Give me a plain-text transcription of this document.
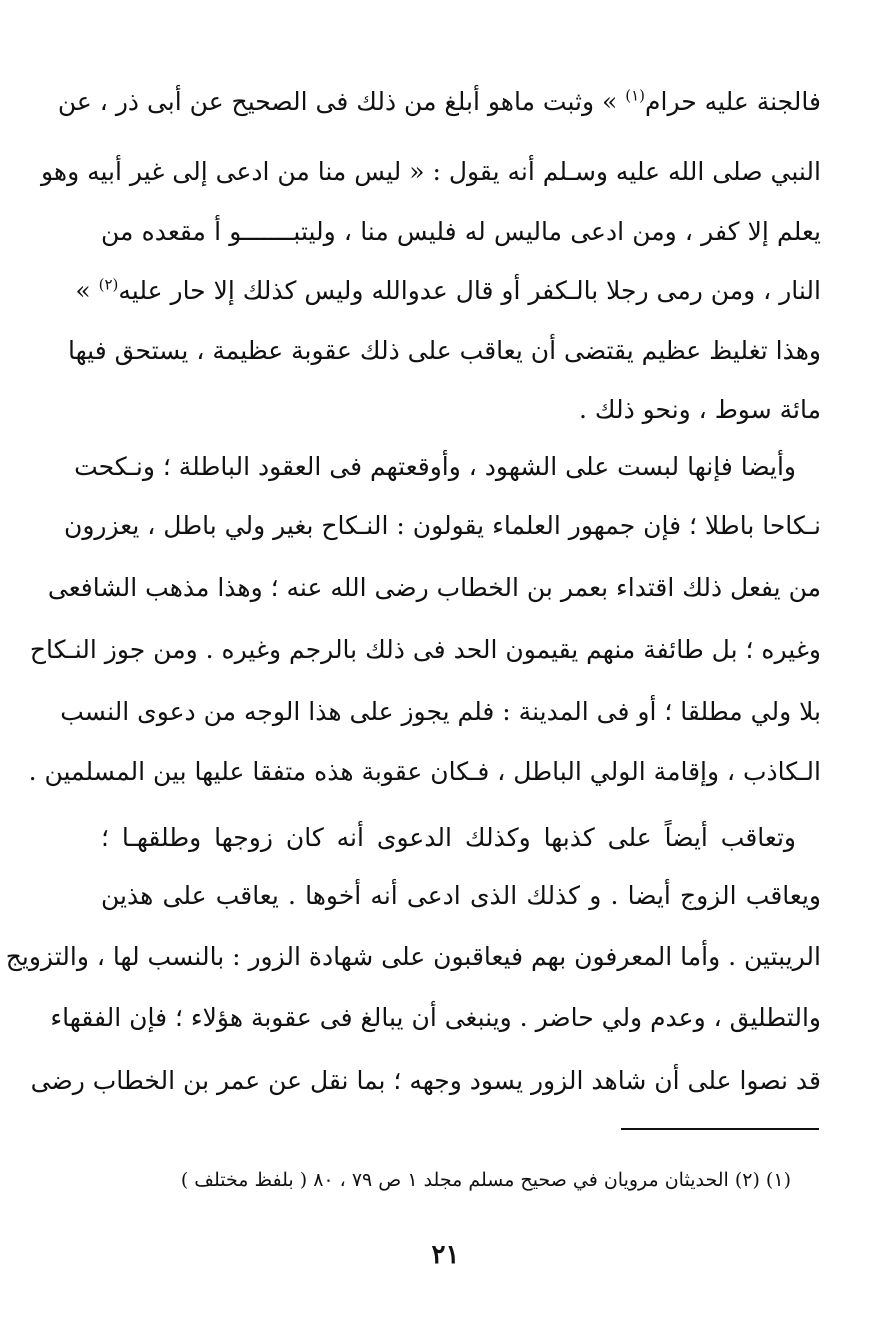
فالجنة عليه حرام$^{(١)}$ » وثبت ماهو أبلغ من ذلك فى الصحيح عن أبى ذر ، عن
النبي صلى الله عليه وسـلم أنه يقول : « ليس منا من ادعى إلى غير أبيه وهو
يعلم إلا كفر ، ومن ادعى ماليس له فليس منا ، وليتبـــــــو أ مقعده من
النار ، ومن رمى رجلا بالـكفر أو قال عدوالله وليس كذلك إلا حار عليه$^{(٢)}$ »
وهذا تغليظ عظيم يقتضى أن يعاقب على ذلك عقوبة عظيمة ، يستحق فيها
مائة سوط ، ونحو ذلك .
وأيضا فإنها لبست على الشهود ، وأوقعتهم فى العقود الباطلة ؛ ونـكحت
نـكاحا باطلا ؛ فإن جمهور العلماء يقولون : النـكاح بغير ولي باطل ، يعزرون
من يفعل ذلك اقتداء بعمر بن الخطاب رضى الله عنه ؛ وهذا مذهب الشافعى
وغيره ؛ بل طائفة منهم يقيمون الحد فى ذلك بالرجم وغيره . ومن جوز النـكاح
بلا ولي مطلقا ؛ أو فى المدينة : فلم يجوز على هذا الوجه من دعوى النسب
الـكاذب ، وإقامة الولي الباطل ، فـكان عقوبة هذه متفقا عليها بين المسلمين .
وتعاقب أيضاً على كذبها وكذلك الدعوى أنه كان زوجها وطلقهـا ؛
ويعاقب الزوج أيضا . و كذلك الذى ادعى أنه أخوها . يعاقب على هذين
الريبتين . وأما المعرفون بهم فيعاقبون على شهادة الزور : بالنسب لها ، والتزويج
والتطليق ، وعدم ولي حاضر . وينبغى أن يبالغ فى عقوبة هؤلاء ؛ فإن الفقهاء
قد نصوا على أن شاهد الزور يسود وجهه ؛ بما نقل عن عمر بن الخطاب رضى
(١) (٢) الحديثان مرويان في صحيح مسلم مجلد ١ ص ٧٩ ، ٨٠ ( بلفظ مختلف )
٢١
